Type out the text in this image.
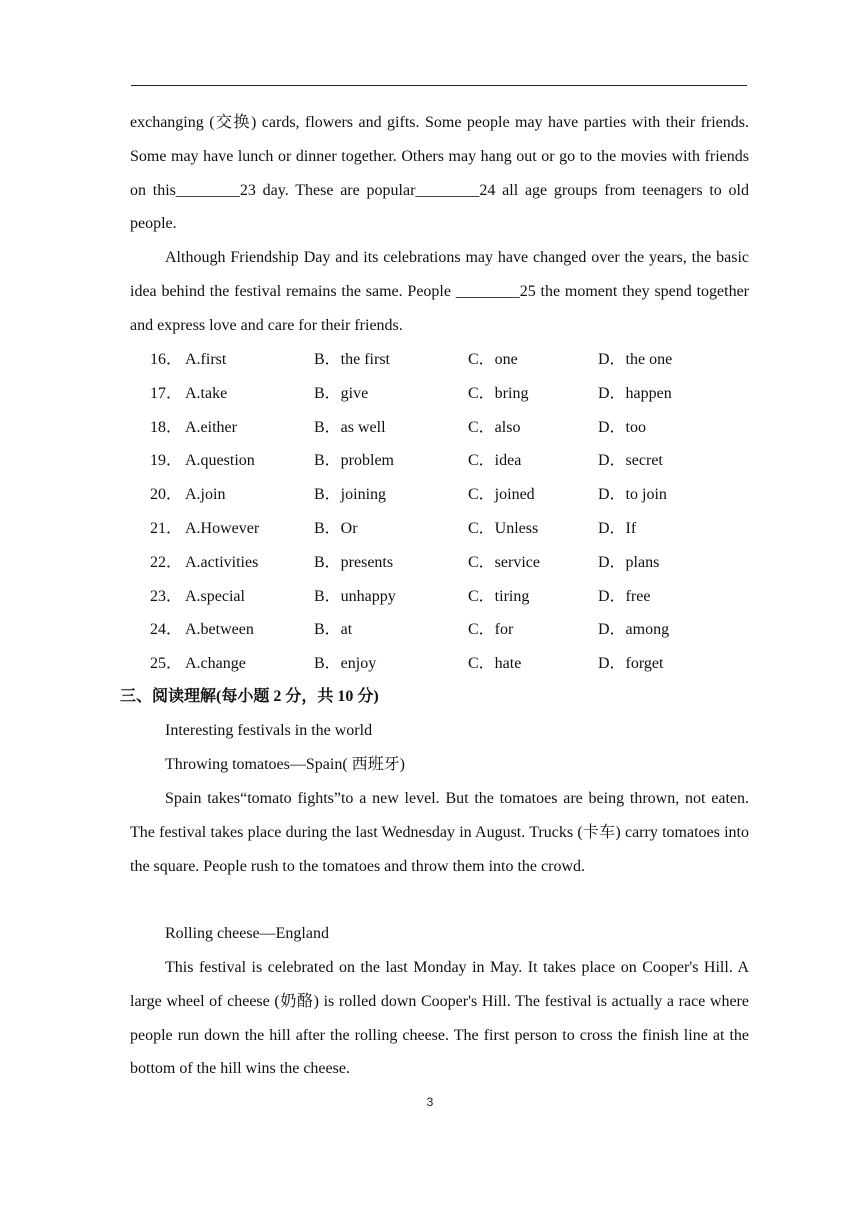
exchanging (交换) cards, flowers and gifts. Some people may have parties with their friends. Some may have lunch or dinner together. Others may hang out or go to the movies with friends on this________23 day. These are popular________24 all age groups from teenagers to old people.
Although Friendship Day and its celebrations may have changed over the years, the basic idea behind the festival remains the same. People ________25 the moment they spend together and express love and care for their friends.
16． A.first	B．the first	C．one	D．the one
17． A.take	B．give	C．bring	D．happen
18． A.either	B．as well	C．also	D．too
19． A.question	B．problem	C．idea	D．secret
20． A.join	B．joining	C．joined	D．to join
21． A.However	B．Or	C．Unless	D．If
22． A.activities	B．presents	C．service	D．plans
23． A.special	B．unhappy	C．tiring	D．free
24． A.between	B．at	C．for	D．among
25． A.change	B．enjoy	C．hate	D．forget
三、阅读理解(每小题 2 分，共 10 分)
Interesting festivals in the world
Throwing tomatoes—Spain( 西班牙)
Spain takes“tomato fights”to a new level. But the tomatoes are being thrown, not eaten. The festival takes place during the last Wednesday in August. Trucks (卡车) carry tomatoes into the square. People rush to the tomatoes and throw them into the crowd.
Rolling cheese—England
This festival is celebrated on the last Monday in May. It takes place on Cooper's Hill. A large wheel of cheese (奶酪) is rolled down Cooper's Hill. The festival is actually a race where people run down the hill after the rolling cheese. The first person to cross the finish line at the bottom of the hill wins the cheese.
3
